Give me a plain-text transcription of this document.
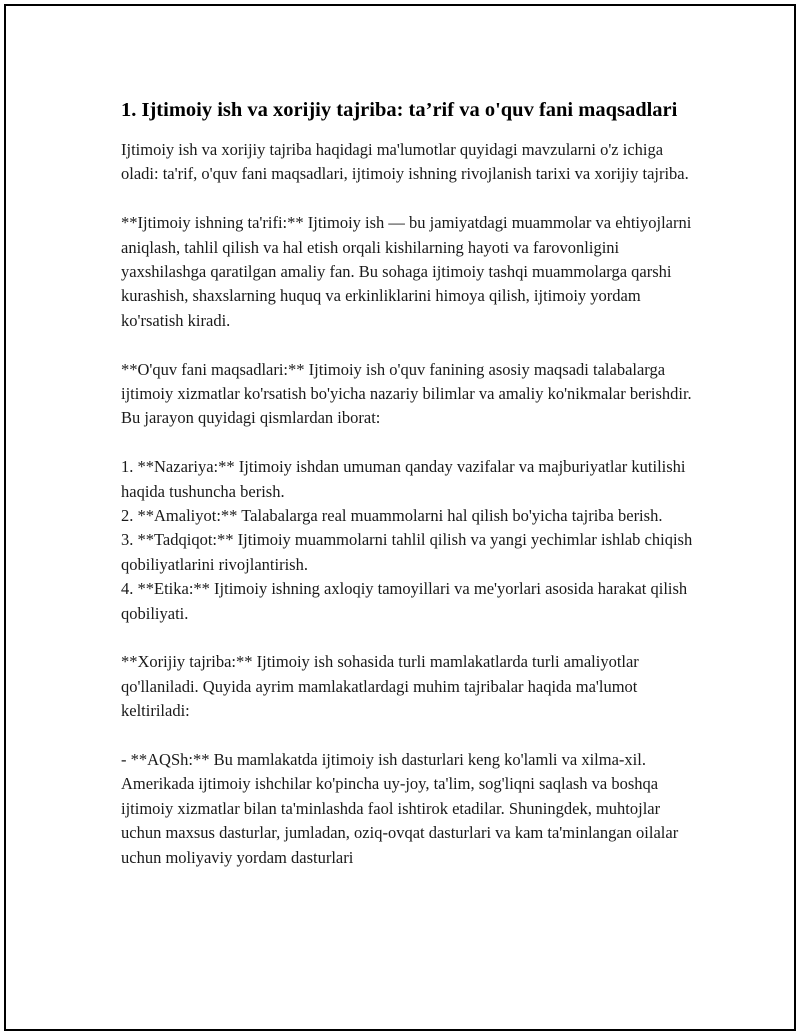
1. Ijtimoiy ish va xorijiy tajriba: ta’rif va o'quv fani maqsadlari

Ijtimoiy ish va xorijiy tajriba haqidagi ma'lumotlar quyidagi mavzularni o'z ichiga oladi: ta'rif, o'quv fani maqsadlari, ijtimoiy ishning rivojlanish tarixi va xorijiy tajriba.

**Ijtimoiy ishning ta'rifi:** Ijtimoiy ish — bu jamiyatdagi muammolar va ehtiyojlarni aniqlash, tahlil qilish va hal etish orqali kishilarning hayoti va farovonligini yaxshilashga qaratilgan amaliy fan. Bu sohaga ijtimoiy tashqi muammolarga qarshi kurashish, shaxslarning huquq va erkinliklarini himoya qilish, ijtimoiy yordam ko'rsatish kiradi.

**O'quv fani maqsadlari:** Ijtimoiy ish o'quv fanining asosiy maqsadi talabalarga ijtimoiy xizmatlar ko'rsatish bo'yicha nazariy bilimlar va amaliy ko'nikmalar berishdir. Bu jarayon quyidagi qismlardan iborat:

1. **Nazariya:** Ijtimoiy ishdan umuman qanday vazifalar va majburiyatlar kutilishi haqida tushuncha berish.

2. **Amaliyot:** Talabalarga real muammolarni hal qilish bo'yicha tajriba berish.

3. **Tadqiqot:** Ijtimoiy muammolarni tahlil qilish va yangi yechimlar ishlab chiqish qobiliyatlarini rivojlantirish.

4. **Etika:** Ijtimoiy ishning axloqiy tamoyillari va me'yorlari asosida harakat qilish qobiliyati.

**Xorijiy tajriba:** Ijtimoiy ish sohasida turli mamlakatlarda turli amaliyotlar qo'llaniladi. Quyida ayrim mamlakatlardagi muhim tajribalar haqida ma'lumot keltiriladi:

- **AQSh:** Bu mamlakatda ijtimoiy ish dasturlari keng ko'lamli va xilma-xil. Amerikada ijtimoiy ishchilar ko'pincha uy-joy, ta'lim, sog'liqni saqlash va boshqa ijtimoiy xizmatlar bilan ta'minlashda faol ishtirok etadilar. Shuningdek, muhtojlar uchun maxsus dasturlar, jumladan, oziq-ovqat dasturlari va kam ta'minlangan oilalar uchun moliyaviy yordam dasturlari
